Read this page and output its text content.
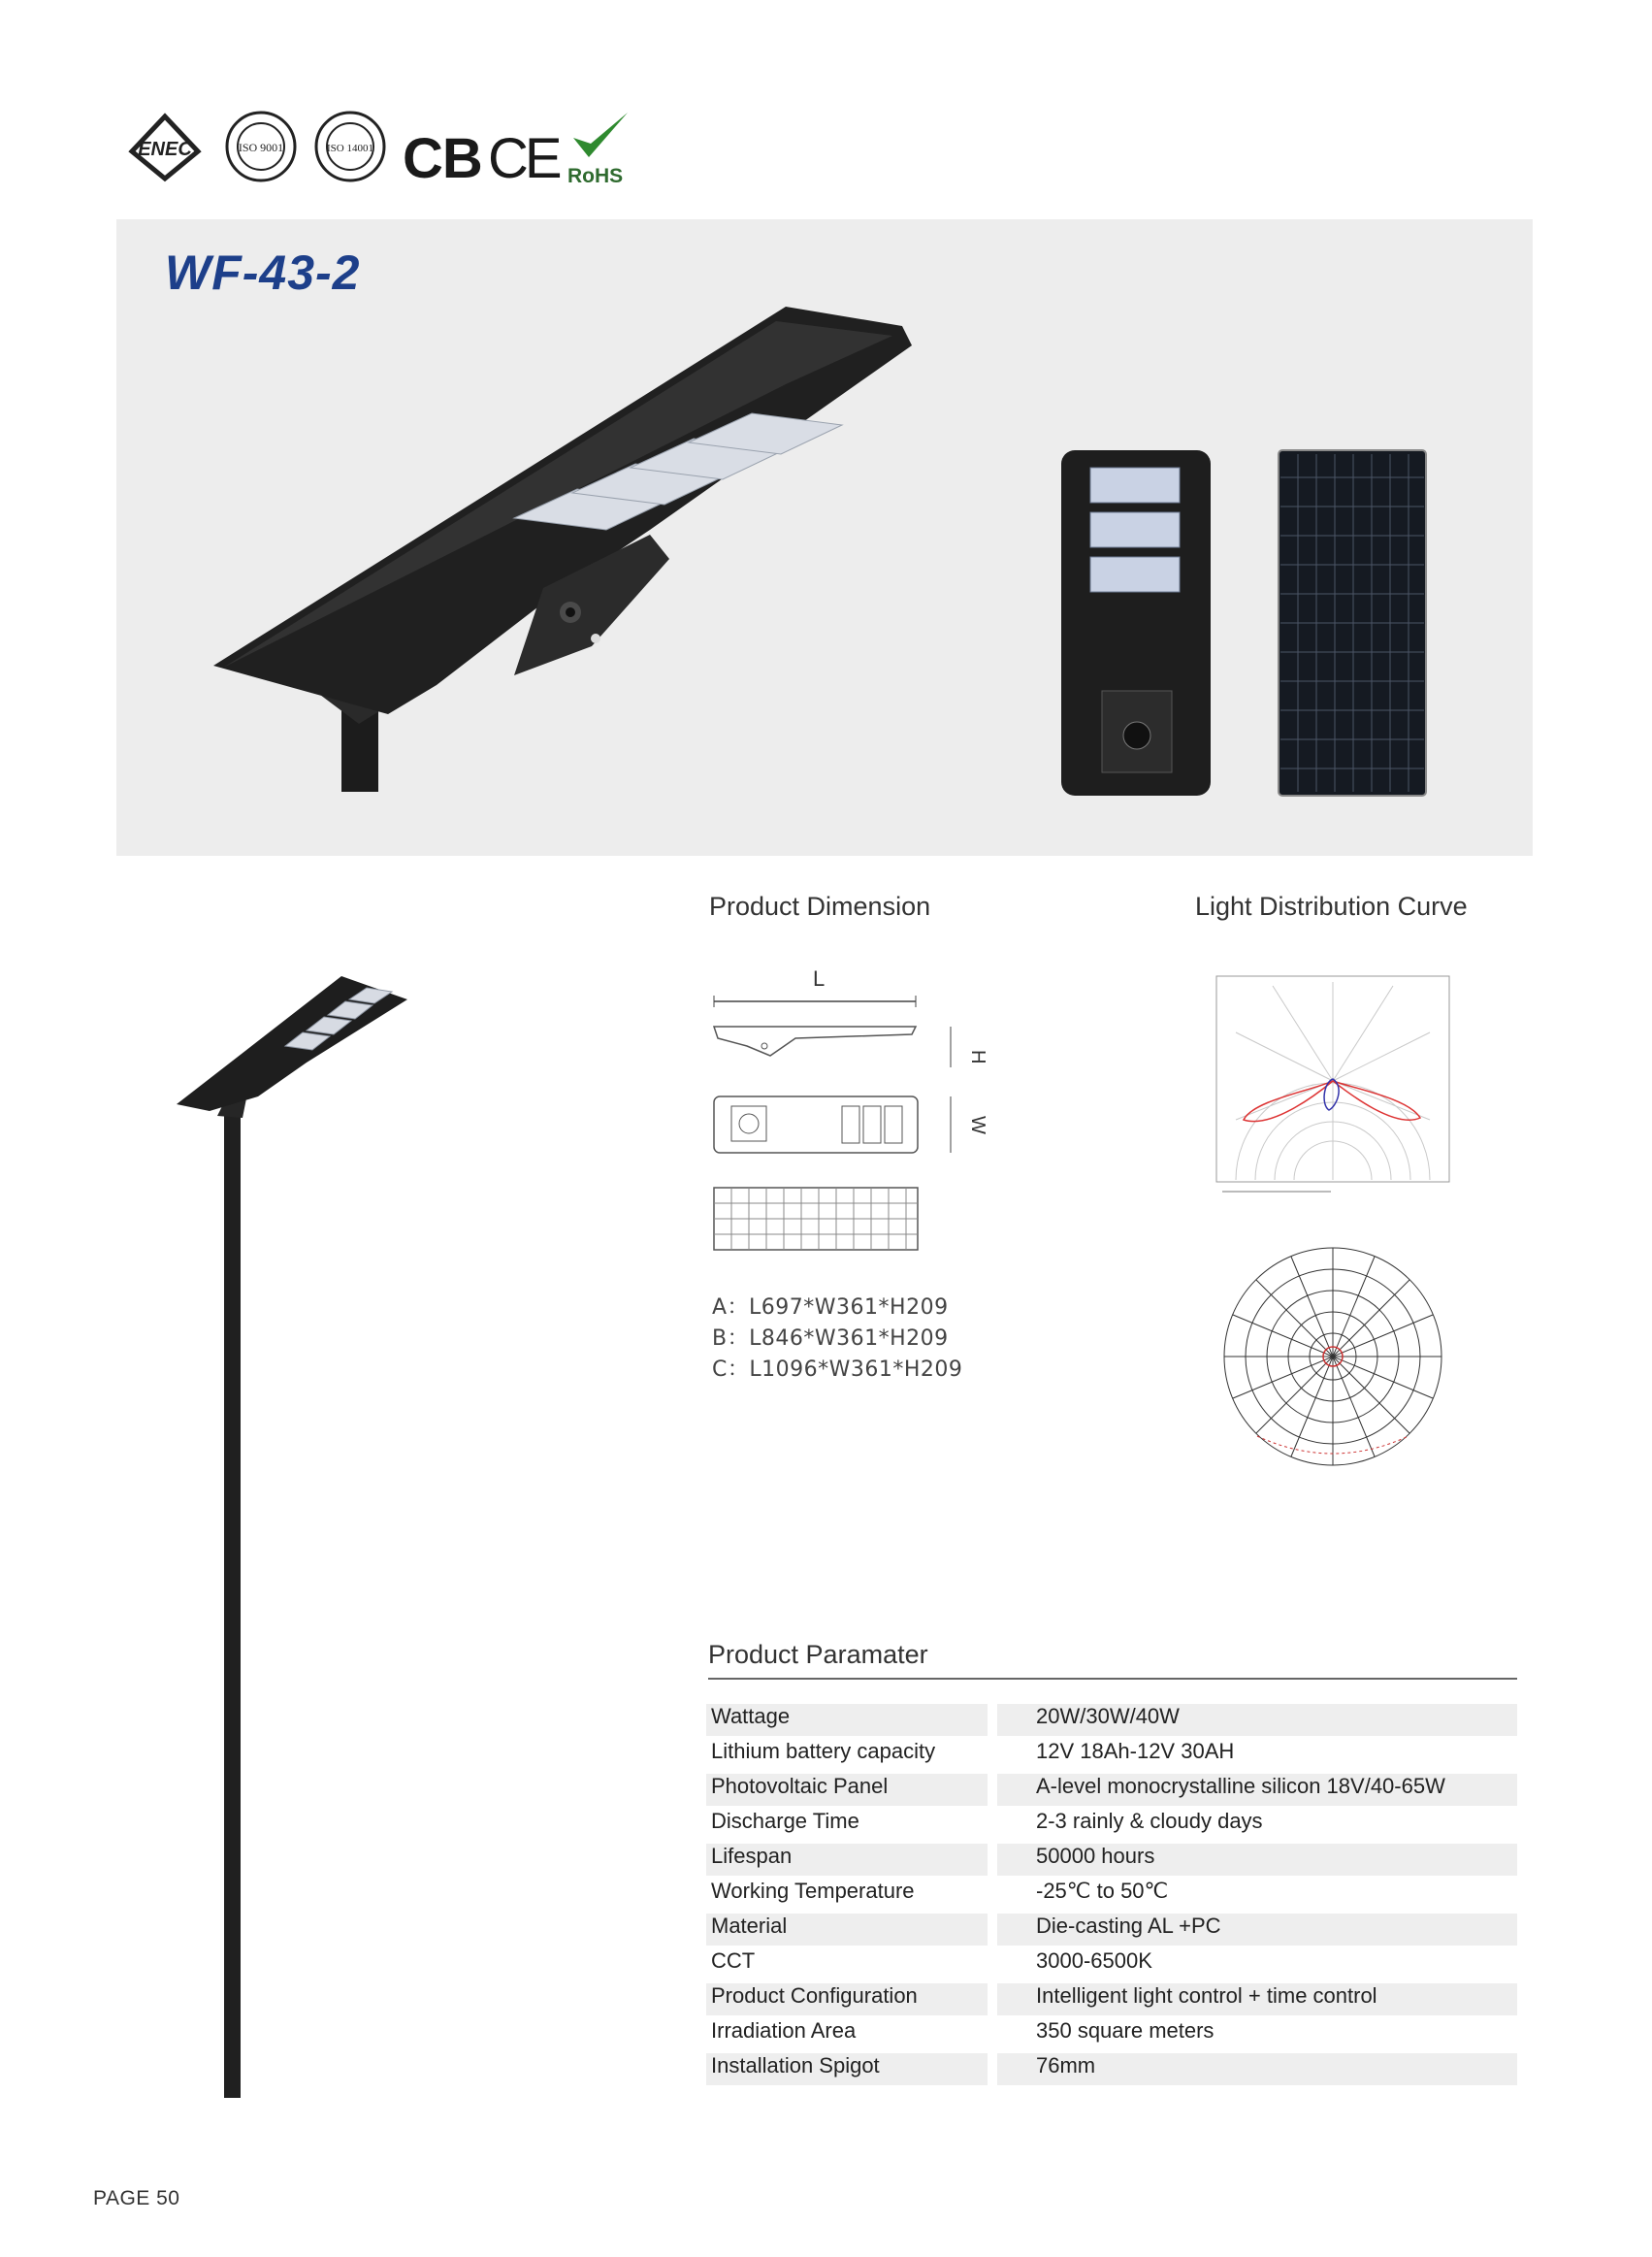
ENEC	ISO 9001	ISO 14001 CB CE RoHS
WF-43-2
Product Dimension
L
H
W
A：L697*W361*H209
B：L846*W361*H209
C：L1096*W361*H209
Light Distribution Curve
Product Paramater
Wattage	20W/30W/40W
Lithium battery capacity	12V 18Ah-12V 30AH
Photovoltaic Panel	A-level monocrystalline silicon 18V/40-65W
Discharge Time	2-3 rainly & cloudy days
Lifespan	50000 hours
Working Temperature	-25℃ to 50℃
Material	Die-casting AL +PC
CCT	3000-6500K
Product Configuration	Intelligent light control + time control
Irradiation Area	350 square meters
Installation Spigot	76mm
PAGE 50
